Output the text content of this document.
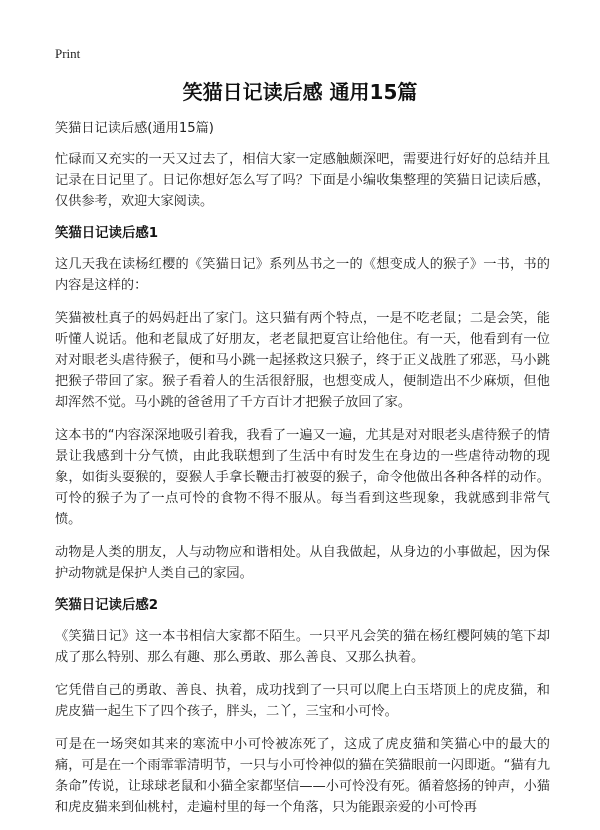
Print
笑猫日记读后感 通用15篇

笑猫日记读后感(通用15篇)

忙碌而又充实的一天又过去了，相信大家一定感触颇深吧，需要进行好好的总结并且记录在日记里了。日记你想好怎么写了吗？下面是小编收集整理的笑猫日记读后感，仅供参考，欢迎大家阅读。

笑猫日记读后感1

这几天我在读杨红樱的《笑猫日记》系列丛书之一的《想变成人的猴子》一书，书的内容是这样的：

笑猫被杜真子的妈妈赶出了家门。这只猫有两个特点，一是不吃老鼠；二是会笑，能听懂人说话。他和老鼠成了好朋友，老老鼠把夏宫让给他住。有一天，他看到有一位对对眼老头虐待猴子，便和马小跳一起拯救这只猴子，终于正义战胜了邪恶，马小跳把猴子带回了家。猴子看着人的生活很舒服，也想变成人，便制造出不少麻烦，但他却浑然不觉。马小跳的爸爸用了千方百计才把猴子放回了家。

这本书的“内容深深地吸引着我，我看了一遍又一遍，尤其是对对眼老头虐待猴子的情景让我感到十分气愤，由此我联想到了生活中有时发生在身边的一些虐待动物的现象，如街头耍猴的，耍猴人手拿长鞭击打被耍的猴子，命令他做出各种各样的动作。可怜的猴子为了一点可怜的食物不得不服从。每当看到这些现象，我就感到非常气愤。

动物是人类的朋友，人与动物应和谐相处。从自我做起，从身边的小事做起，因为保护动物就是保护人类自己的家园。

笑猫日记读后感2

《笑猫日记》这一本书相信大家都不陌生。一只平凡会笑的猫在杨红樱阿姨的笔下却成了那么特别、那么有趣、那么勇敢、那么善良、又那么执着。

它凭借自己的勇敢、善良、执着，成功找到了一只可以爬上白玉塔顶上的虎皮猫，和虎皮猫一起生下了四个孩子，胖头，二丫，三宝和小可怜。

可是在一场突如其来的寒流中小可怜被冻死了，这成了虎皮猫和笑猫心中的最大的痛，可是在一个雨霏霏清明节，一只与小可怜神似的猫在笑猫眼前一闪即逝。“猫有九条命”传说，让球球老鼠和小猫全家都坚信——小可怜没有死。循着悠扬的钟声，小猫和虎皮猫来到仙桃村，走遍村里的每一个角落，只为能跟亲爱的小可怜再
